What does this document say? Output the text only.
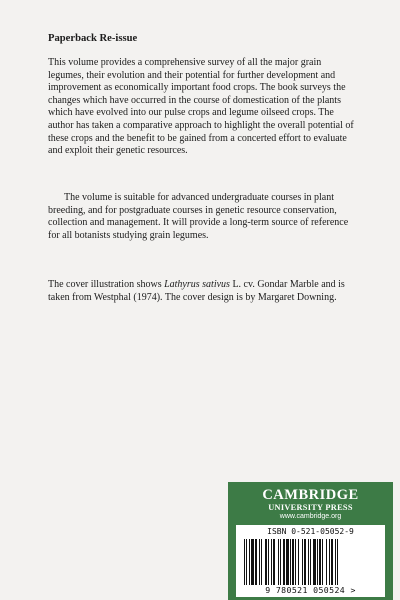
Paperback Re-issue

This volume provides a comprehensive survey of all the major grain legumes, their evolution and their potential for further development and improvement as economically important food crops. The book surveys the changes which have occurred in the course of domestication of the plants which have evolved into our pulse crops and legume oilseed crops. The author has taken a comparative approach to highlight the overall potential of these crops and the benefit to be gained from a concerted effort to evaluate and exploit their genetic resources.

The volume is suitable for advanced undergraduate courses in plant breeding, and for postgraduate courses in genetic resource conservation, collection and management. It will provide a long-term source of reference for all botanists studying grain legumes.

The cover illustration shows Lathyrus sativus L. cv. Gondar Marble and is taken from Westphal (1974). The cover design is by Margaret Downing.

CAMBRIDGE
UNIVERSITY PRESS
www.cambridge.org
ISBN 0-521-05052-9
9 780521 050524 >
